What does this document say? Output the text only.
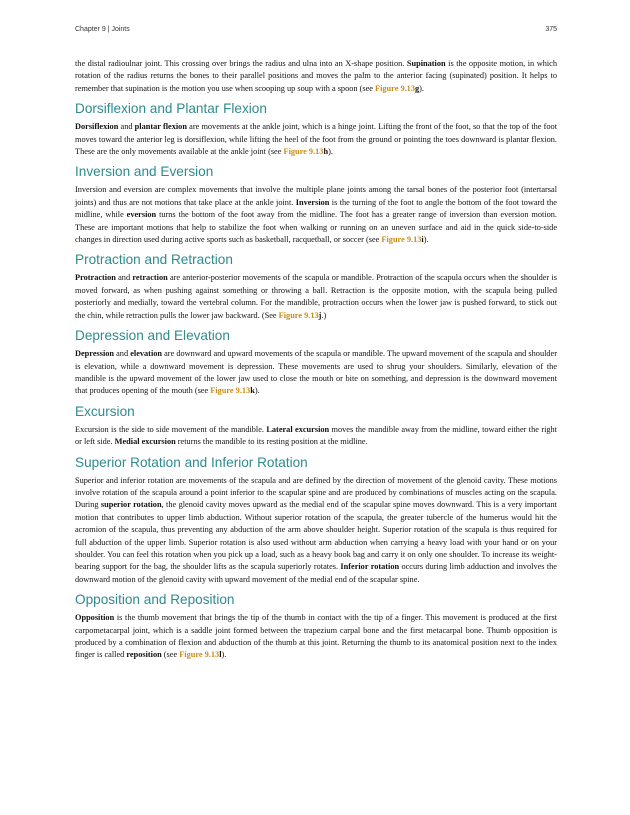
Chapter 9 | Joints	375

the distal radioulnar joint. This crossing over brings the radius and ulna into an X-shape position. Supination is the opposite motion, in which rotation of the radius returns the bones to their parallel positions and moves the palm to the anterior facing (supinated) position. It helps to remember that supination is the motion you use when scooping up soup with a spoon (see Figure 9.13g).

Dorsiflexion and Plantar Flexion

Dorsiflexion and plantar flexion are movements at the ankle joint, which is a hinge joint. Lifting the front of the foot, so that the top of the foot moves toward the anterior leg is dorsiflexion, while lifting the heel of the foot from the ground or pointing the toes downward is plantar flexion. These are the only movements available at the ankle joint (see Figure 9.13h).

Inversion and Eversion

Inversion and eversion are complex movements that involve the multiple plane joints among the tarsal bones of the posterior foot (intertarsal joints) and thus are not motions that take place at the ankle joint. Inversion is the turning of the foot to angle the bottom of the foot toward the midline, while eversion turns the bottom of the foot away from the midline. The foot has a greater range of inversion than eversion motion. These are important motions that help to stabilize the foot when walking or running on an uneven surface and aid in the quick side-to-side changes in direction used during active sports such as basketball, racquetball, or soccer (see Figure 9.13i).

Protraction and Retraction

Protraction and retraction are anterior-posterior movements of the scapula or mandible. Protraction of the scapula occurs when the shoulder is moved forward, as when pushing against something or throwing a ball. Retraction is the opposite motion, with the scapula being pulled posteriorly and medially, toward the vertebral column. For the mandible, protraction occurs when the lower jaw is pushed forward, to stick out the chin, while retraction pulls the lower jaw backward. (See Figure 9.13j.)

Depression and Elevation

Depression and elevation are downward and upward movements of the scapula or mandible. The upward movement of the scapula and shoulder is elevation, while a downward movement is depression. These movements are used to shrug your shoulders. Similarly, elevation of the mandible is the upward movement of the lower jaw used to close the mouth or bite on something, and depression is the downward movement that produces opening of the mouth (see Figure 9.13k).

Excursion

Excursion is the side to side movement of the mandible. Lateral excursion moves the mandible away from the midline, toward either the right or left side. Medial excursion returns the mandible to its resting position at the midline.

Superior Rotation and Inferior Rotation

Superior and inferior rotation are movements of the scapula and are defined by the direction of movement of the glenoid cavity. These motions involve rotation of the scapula around a point inferior to the scapular spine and are produced by combinations of muscles acting on the scapula. During superior rotation, the glenoid cavity moves upward as the medial end of the scapular spine moves downward. This is a very important motion that contributes to upper limb abduction. Without superior rotation of the scapula, the greater tubercle of the humerus would hit the acromion of the scapula, thus preventing any abduction of the arm above shoulder height. Superior rotation of the scapula is thus required for full abduction of the upper limb. Superior rotation is also used without arm abduction when carrying a heavy load with your hand or on your shoulder. You can feel this rotation when you pick up a load, such as a heavy book bag and carry it on only one shoulder. To increase its weight-bearing support for the bag, the shoulder lifts as the scapula superiorly rotates. Inferior rotation occurs during limb adduction and involves the downward motion of the glenoid cavity with upward movement of the medial end of the scapular spine.

Opposition and Reposition

Opposition is the thumb movement that brings the tip of the thumb in contact with the tip of a finger. This movement is produced at the first carpometacarpal joint, which is a saddle joint formed between the trapezium carpal bone and the first metacarpal bone. Thumb opposition is produced by a combination of flexion and abduction of the thumb at this joint. Returning the thumb to its anatomical position next to the index finger is called reposition (see Figure 9.13l).
